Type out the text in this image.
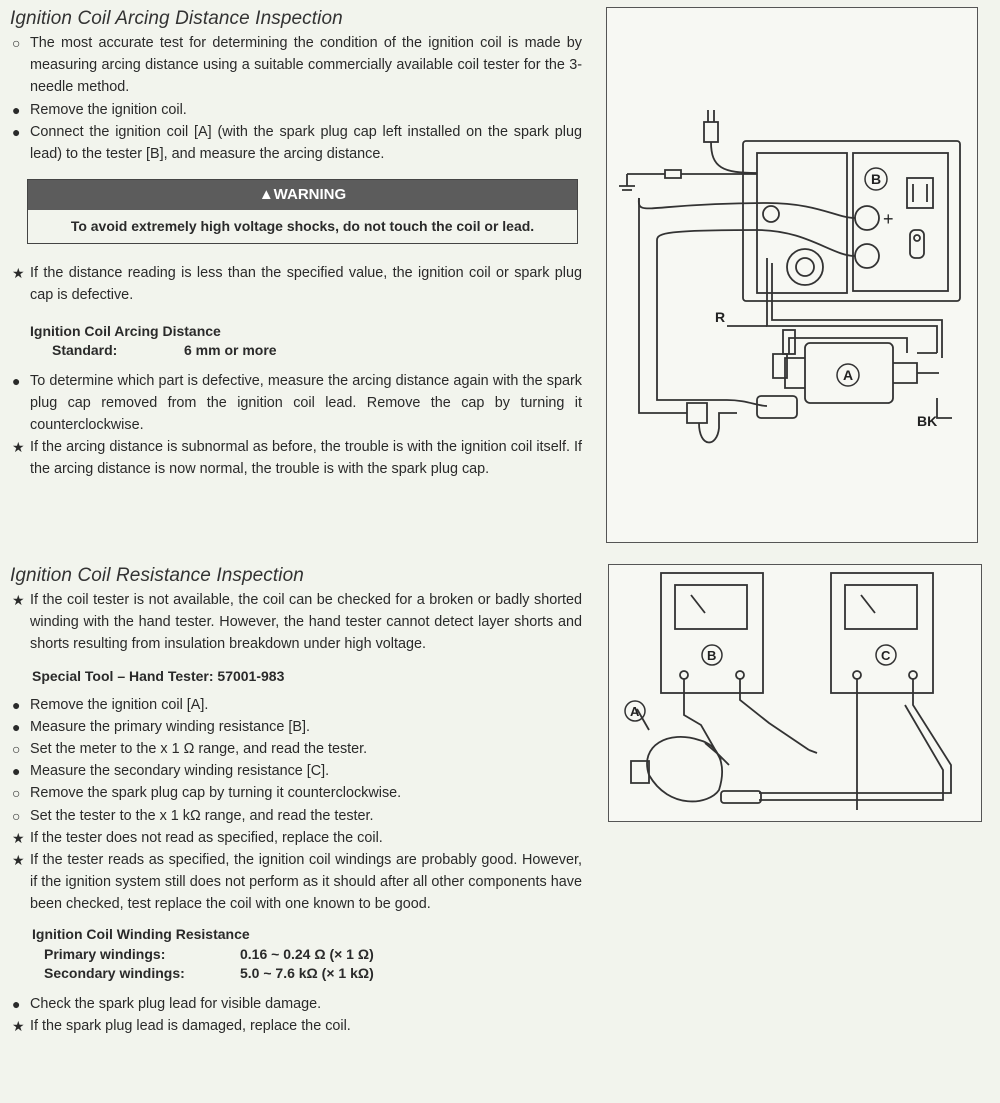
Ignition Coil Arcing Distance Inspection
○ The most accurate test for determining the condition of the ignition coil is made by measuring arcing distance using a suitable commercially available coil tester for the 3-needle method.
● Remove the ignition coil.
● Connect the ignition coil [A] (with the spark plug cap left installed on the spark plug lead) to the tester [B], and measure the arcing distance.
▲WARNING
To avoid extremely high voltage shocks, do not touch the coil or lead.
★ If the distance reading is less than the specified value, the ignition coil or spark plug cap is defective.
Ignition Coil Arcing Distance
Standard:	6 mm or more
● To determine which part is defective, measure the arcing distance again with the spark plug cap removed from the ignition coil lead. Remove the cap by turning it counterclockwise.
★ If the arcing distance is subnormal as before, the trouble is with the ignition coil itself. If the arcing distance is now normal, the trouble is with the spark plug cap.
Ignition Coil Resistance Inspection
★ If the coil tester is not available, the coil can be checked for a broken or badly shorted winding with the hand tester. However, the hand tester cannot detect layer shorts and shorts resulting from insulation breakdown under high voltage.
Special Tool – Hand Tester: 57001-983
● Remove the ignition coil [A].
● Measure the primary winding resistance [B].
○ Set the meter to the x 1 Ω range, and read the tester.
● Measure the secondary winding resistance [C].
○ Remove the spark plug cap by turning it counterclockwise.
○ Set the tester to the x 1 kΩ range, and read the tester.
★ If the tester does not read as specified, replace the coil.
★ If the tester reads as specified, the ignition coil windings are probably good. However, if the ignition system still does not perform as it should after all other components have been checked, test replace the coil with one known to be good.
Ignition Coil Winding Resistance
Primary windings:	0.16 ~ 0.24 Ω (× 1 Ω)
Secondary windings:	5.0 ~ 7.6 kΩ (× 1 kΩ)
● Check the spark plug lead for visible damage.
★ If the spark plug lead is damaged, replace the coil.
B
+
A
R
BK
B	C
A
